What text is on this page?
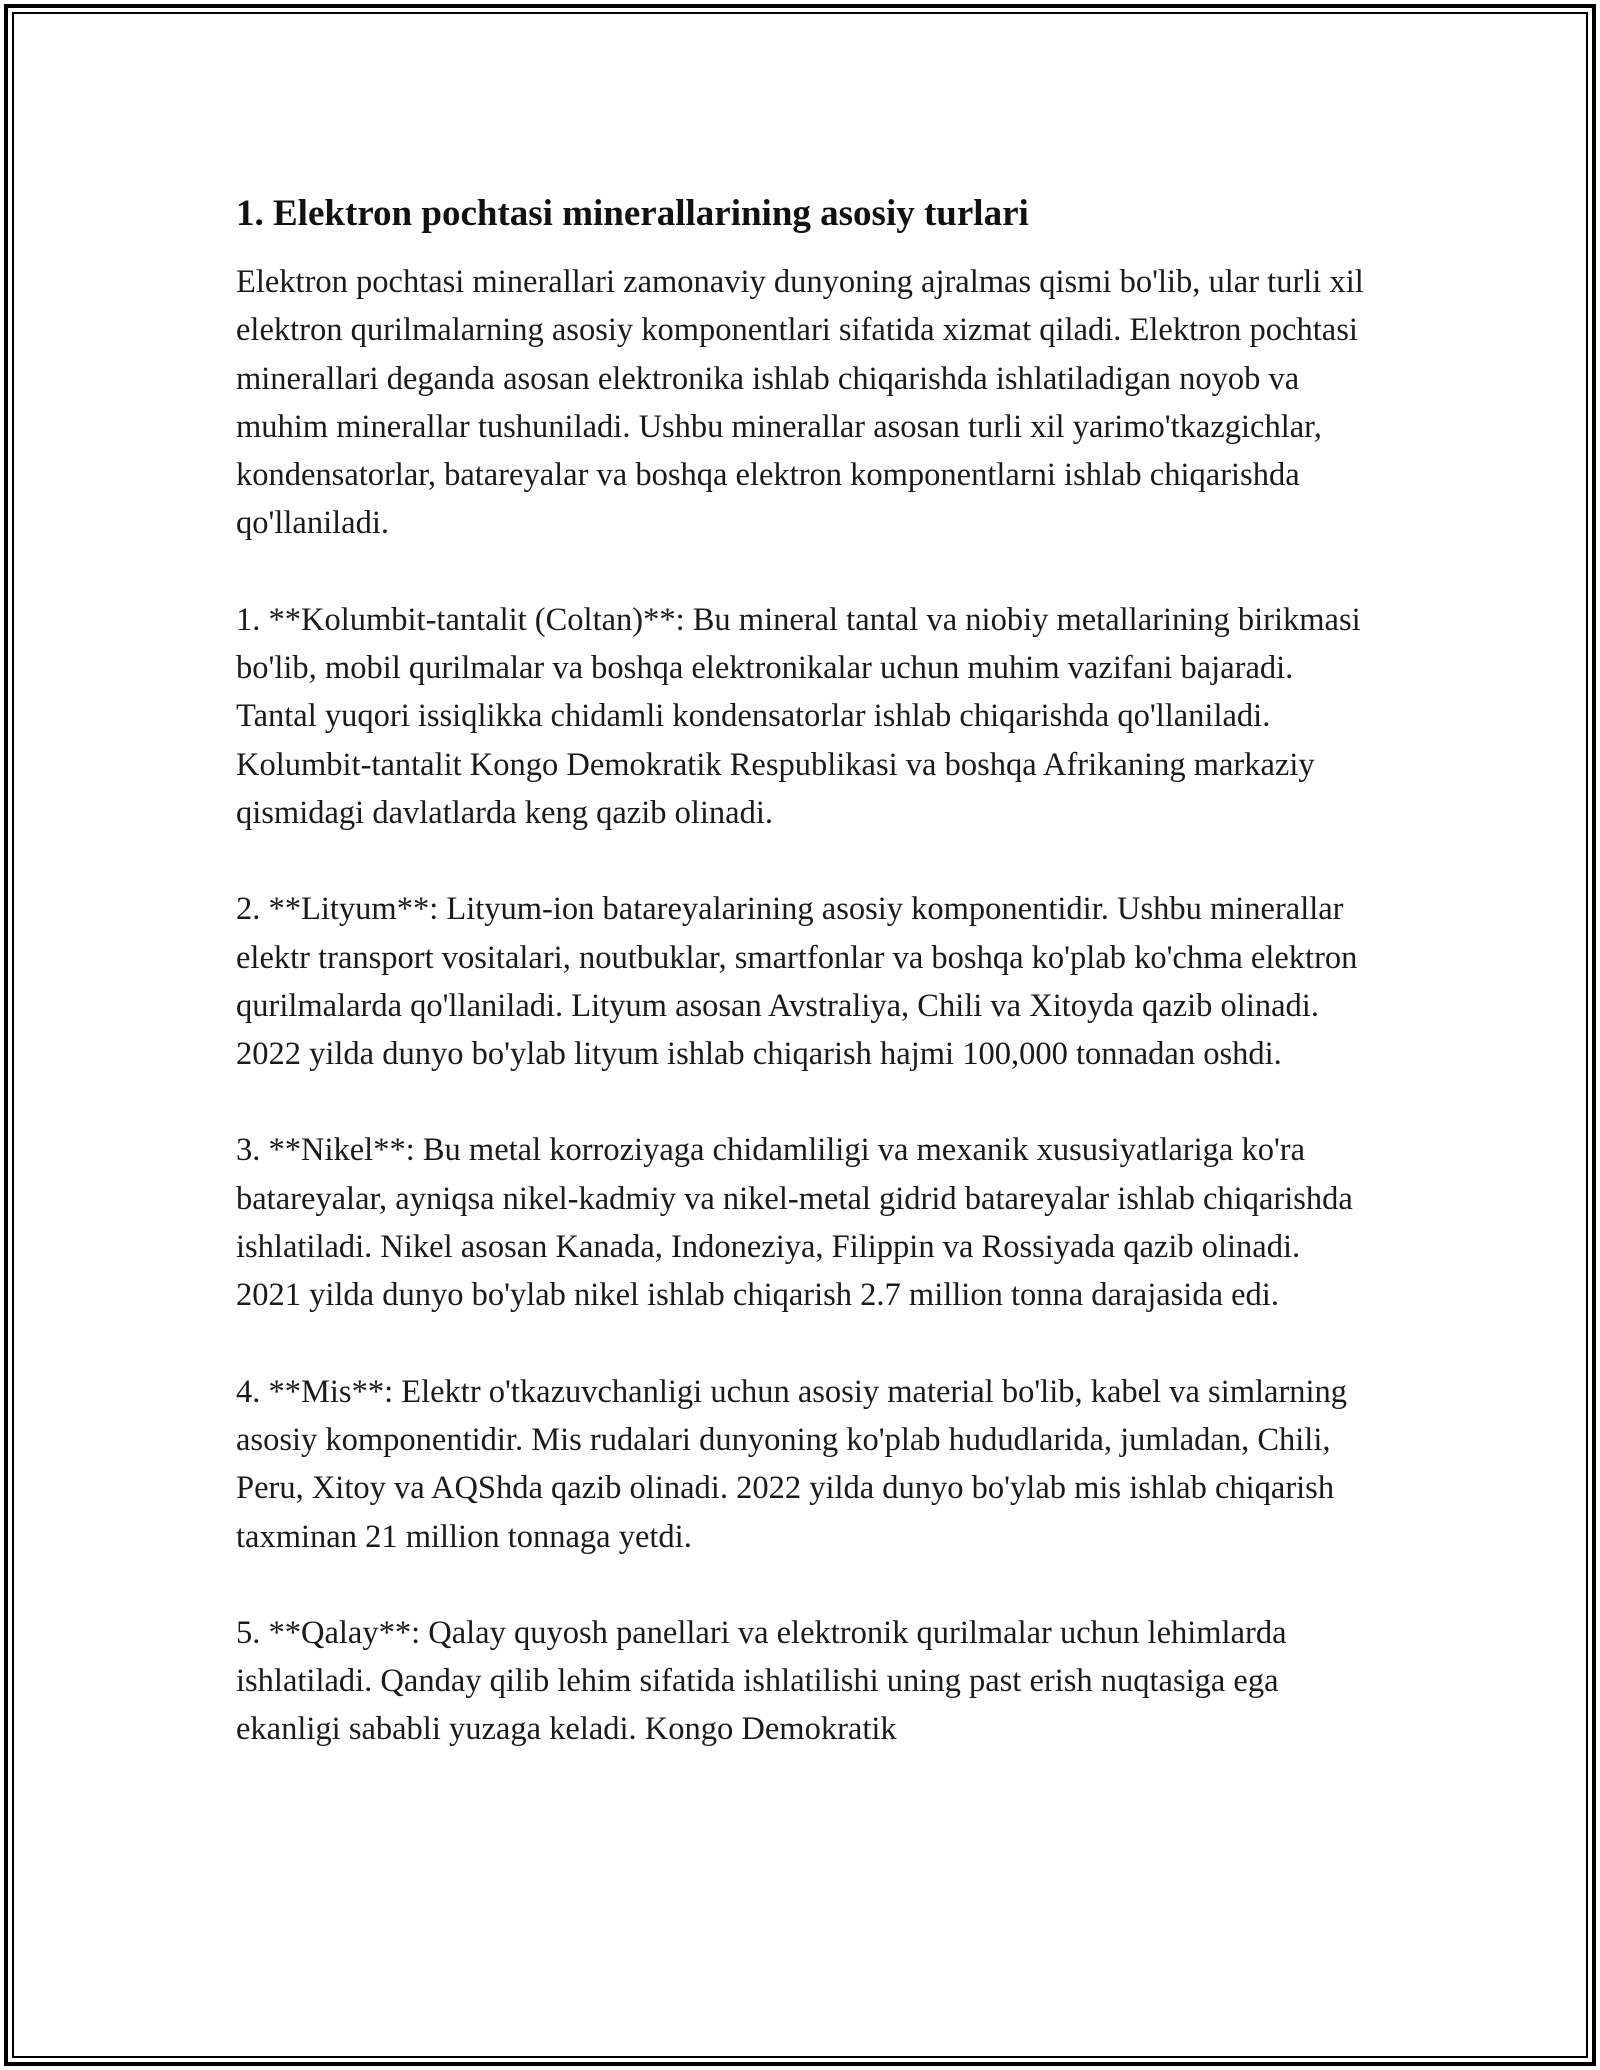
1. Elektron pochtasi minerallarining asosiy turlari

Elektron pochtasi minerallari zamonaviy dunyoning ajralmas qismi bo'lib, ular turli xil elektron qurilmalarning asosiy komponentlari sifatida xizmat qiladi. Elektron pochtasi minerallari deganda asosan elektronika ishlab chiqarishda ishlatiladigan noyob va muhim minerallar tushuniladi. Ushbu minerallar asosan turli xil yarimo'tkazgichlar, kondensatorlar, batareyalar va boshqa elektron komponentlarni ishlab chiqarishda qo'llaniladi.

1. **Kolumbit-tantalit (Coltan)**: Bu mineral tantal va niobiy metallarining birikmasi bo'lib, mobil qurilmalar va boshqa elektronikalar uchun muhim vazifani bajaradi. Tantal yuqori issiqlikka chidamli kondensatorlar ishlab chiqarishda qo'llaniladi. Kolumbit-tantalit Kongo Demokratik Respublikasi va boshqa Afrikaning markaziy qismidagi davlatlarda keng qazib olinadi.

2. **Lityum**: Lityum-ion batareyalarining asosiy komponentidir. Ushbu minerallar elektr transport vositalari, noutbuklar, smartfonlar va boshqa ko'plab ko'chma elektron qurilmalarda qo'llaniladi. Lityum asosan Avstraliya, Chili va Xitoyda qazib olinadi. 2022 yilda dunyo bo'ylab lityum ishlab chiqarish hajmi 100,000 tonnadan oshdi.

3. **Nikel**: Bu metal korroziyaga chidamliligi va mexanik xususiyatlariga ko'ra batareyalar, ayniqsa nikel-kadmiy va nikel-metal gidrid batareyalar ishlab chiqarishda ishlatiladi. Nikel asosan Kanada, Indoneziya, Filippin va Rossiyada qazib olinadi. 2021 yilda dunyo bo'ylab nikel ishlab chiqarish 2.7 million tonna darajasida edi.

4. **Mis**: Elektr o'tkazuvchanligi uchun asosiy material bo'lib, kabel va simlarning asosiy komponentidir. Mis rudalari dunyoning ko'plab hududlarida, jumladan, Chili, Peru, Xitoy va AQShda qazib olinadi. 2022 yilda dunyo bo'ylab mis ishlab chiqarish taxminan 21 million tonnaga yetdi.

5. **Qalay**: Qalay quyosh panellari va elektronik qurilmalar uchun lehimlarda ishlatiladi. Qanday qilib lehim sifatida ishlatilishi uning past erish nuqtasiga ega ekanligi sababli yuzaga keladi. Kongo Demokratik
